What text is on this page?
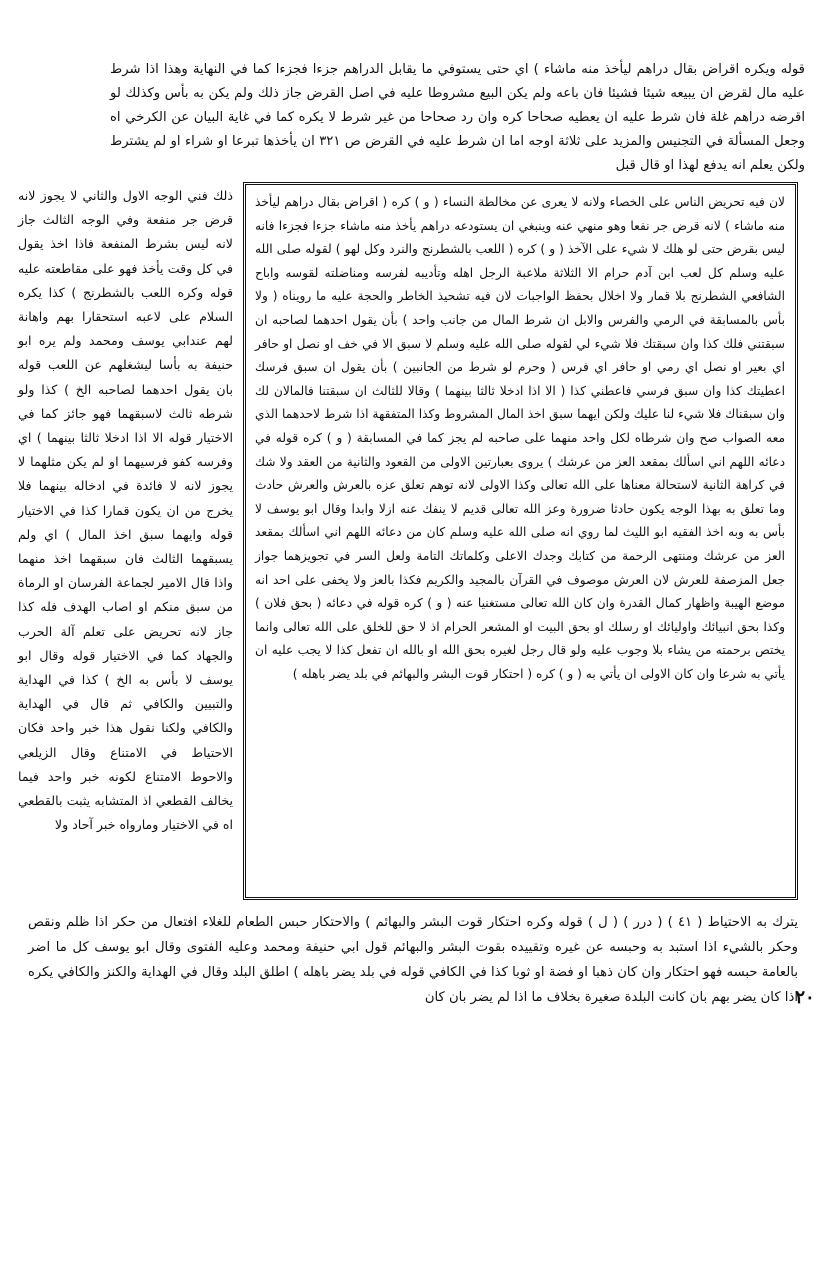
قوله ويكره اقراض بقال دراهم ليأخذ منه ماشاء ) اي حتى يستوفي ما يقابل الدراهم جزءا فجزءا كما في النهاية وهذا اذا شرط عليه مال لقرض ان يبيعه شيئا فشيئا فان باعه ولم يكن البيع مشروطا عليه في اصل القرض جاز ذلك ولم يكن به بأس وكذلك لو اقرضه دراهم غلة فان شرط عليه ان يعطيه صحاحا كره وان رد صحاحا من غير شرط لا يكره كما في غاية البيان عن الكرخي اه وجعل المسألة في التجنيس والمزيد على ثلاثة اوجه اما ان شرط عليه في القرض ص ٣٢١ ان يأخذها تبرعا او شراء او لم يشترط ولكن يعلم انه يدفع لهذا او قال قبل

لان فيه تحريض الناس على الخصاء ولانه لا يعرى عن مخالطة النساء ( و ) كره ( اقراض بقال دراهم ليأخذ منه ماشاء ) لانه قرض جر نفعا وهو منهي عنه وينبغي ان يستودعه دراهم يأخذ منه ماشاء جزءا فجزءا فانه ليس بقرض حتى لو هلك لا شيء على الآخذ ( و ) كره ( اللعب بالشطرنج والنرد وكل لهو ) لقوله صلى الله عليه وسلم كل لعب ابن آدم حرام الا الثلاثة ملاعبة الرجل اهله وتأديبه لفرسه ومناضلته لقوسه واباح الشافعي الشطرنج بلا قمار ولا اخلال بحفظ الواجبات لان فيه تشحيذ الخاطر والحجة عليه ما رويناه ( ولا بأس بالمسابقة في الرمي والفرس والابل ان شرط المال من جانب واحد ) بأن يقول احدهما لصاحبه ان سبقتني فلك كذا وان سبقتك فلا شيء لي لقوله صلى الله عليه وسلم لا سبق الا في خف او نصل او حافر اي بعير او نصل اي رمي او حافر اي فرس ( وحرم لو شرط من الجانبين ) بأن يقول ان سبق فرسك اعطيتك كذا وان سبق فرسي فاعطني كذا ( الا اذا ادخلا ثالثا بينهما ) وقالا للثالث ان سبقتنا فالمالان لك وان سبقناك فلا شيء لنا عليك ولكن ايهما سبق اخذ المال المشروط وكذا المتفقهة اذا شرط لاحدهما الذي معه الصواب صح وان شرطاه لكل واحد منهما على صاحبه لم يجز كما في المسابقة ( و ) كره قوله في دعائه اللهم اني اسألك بمقعد العز من عرشك ) يروى بعبارتين الاولى من القعود والثانية من العقد ولا شك في كراهة الثانية لاستحالة معناها على الله تعالى وكذا الاولى لانه توهم تعلق عزه بالعرش والعرش حادث وما تعلق به بهذا الوجه يكون حادثا ضرورة وعز الله تعالى قديم لا ينفك عنه ازلا وابدا وقال ابو يوسف لا بأس به وبه اخذ الفقيه ابو الليث لما روي انه صلى الله عليه وسلم كان من دعائه اللهم اني اسألك بمقعد العز من عرشك ومنتهى الرحمة من كتابك وجدك الاعلى وكلماتك التامة ولعل السر في تجويزهما جواز جعل المزصفة للعرش لان العرش موصوف في القرآن بالمجيد والكريم فكذا بالعز ولا يخفى على احد انه موضع الهيبة واظهار كمال القدرة وان كان الله تعالى مستغنيا عنه ( و ) كره قوله في دعائه ( بحق فلان ) وكذا بحق انبيائك واوليائك او رسلك او بحق البيت او المشعر الحرام اذ لا حق للخلق على الله تعالى وانما يختص برحمته من يشاء بلا وجوب عليه ولو قال رجل لغيره بحق الله او بالله ان تفعل كذا لا يجب عليه ان يأتي به شرعا وان كان الاولى ان يأتي به ( و ) كره ( احتكار قوت البشر والبهائم في بلد يضر باهله )

ذلك فني الوجه الاول والثاني لا يجوز لانه قرض جر منفعة وفي الوجه الثالث جاز لانه ليس بشرط المنفعة فاذا اخذ يقول في كل وقت يأخذ فهو على مقاطعته عليه قوله وكره اللعب بالشطرنج ) كذا يكره السلام على لاعبه استحقارا بهم واهانة لهم عندابي يوسف ومحمد ولم يره ابو حنيفة به بأسا ليشغلهم عن اللعب قوله بان يقول احدهما لصاحبه الخ ) كذا ولو شرطه ثالث لاسبقهما فهو جائز كما في الاختيار قوله الا اذا ادخلا ثالثا بينهما ) اي وفرسه كفو فرسيهما او لم يكن مثلهما لا يجوز لانه لا فائدة في ادخاله بينهما فلا يخرج من ان يكون قمارا كذا في الاختيار قوله وايهما سبق اخذ المال ) اي ولم يسبقهما الثالث فان سبقهما اخذ منهما واذا قال الامير لجماعة الفرسان او الرماة من سبق منكم او اصاب الهدف فله كذا جاز لانه تحريض على تعلم آلة الحرب والجهاد كما في الاختيار قوله وقال ابو يوسف لا بأس به الخ ) كذا في الهداية والتبيين والكافي ثم قال في الهداية والكافي ولكنا نقول هذا خبر واحد فكان الاحتياط في الامتناع وقال الزيلعي والاحوط الامتناع لكونه خبر واحد فيما يخالف القطعي اذ المتشابه يثبت بالقطعي اه في الاختيار ومارواه خبر آحاد ولا

يترك به الاحتياط ( ٤١ ) ( درر ) ( ل ) قوله وكره احتكار قوت البشر والبهائم ) والاحتكار حبس الطعام للغلاء افتعال من حكر اذا ظلم ونقص وحكر بالشيء اذا استبد به وحبسه عن غيره وتقييده بقوت البشر والبهائم قول ابي حنيفة ومحمد وعليه الفتوى وقال ابو يوسف كل ما اضر بالعامة حبسه فهو احتكار وان كان ذهبا او فضة او ثوبا كذا في الكافي قوله في بلد يضر باهله ) اطلق البلد وقال في الهداية والكنز والكافي يكره اذا كان يضر بهم بان كانت البلدة صغيرة بخلاف ما اذا لم يضر بان كان

٢٠
